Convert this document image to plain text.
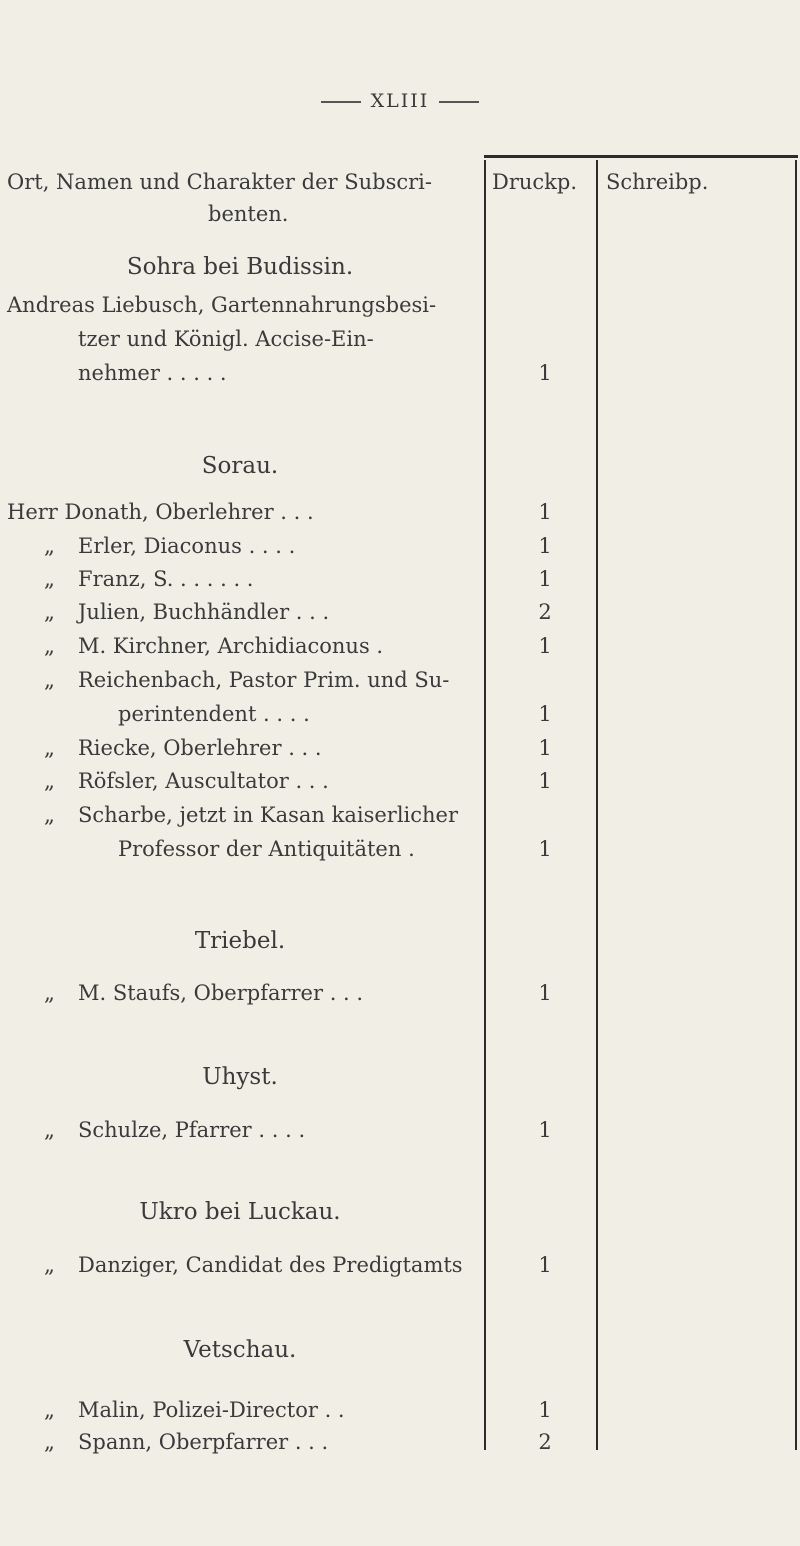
XLIII
Ort, Namen und Charakter der Subscri-
benten.
Druckp. Schreibp.
Sohra bei Budissin.
Andreas Liebusch, Gartennahrungsbesi-
tzer und Königl. Accise-Ein-
nehmer . . . . .	1
Sorau.
Herr Donath, Oberlehrer . . .	1
„ Erler, Diaconus . . . .	1
„ Franz, S. . . . . . .	1
„ Julien, Buchhändler . . .	2
„ M. Kirchner, Archidiaconus .	1
„ Reichenbach, Pastor Prim. und Su-
perintendent . . . .	1
„ Riecke, Oberlehrer . . .	1
„ Röfsler, Auscultator . . .	1
„ Scharbe, jetzt in Kasan kaiserlicher
Professor der Antiquitäten .	1
Triebel.
„ M. Staufs, Oberpfarrer . . .	1
Uhyst.
„ Schulze, Pfarrer . . . .	1
Ukro bei Luckau.
„ Danziger, Candidat des Predigtamts	1
Vetschau.
„ Malin, Polizei-Director . .	1
„ Spann, Oberpfarrer . . .	2
